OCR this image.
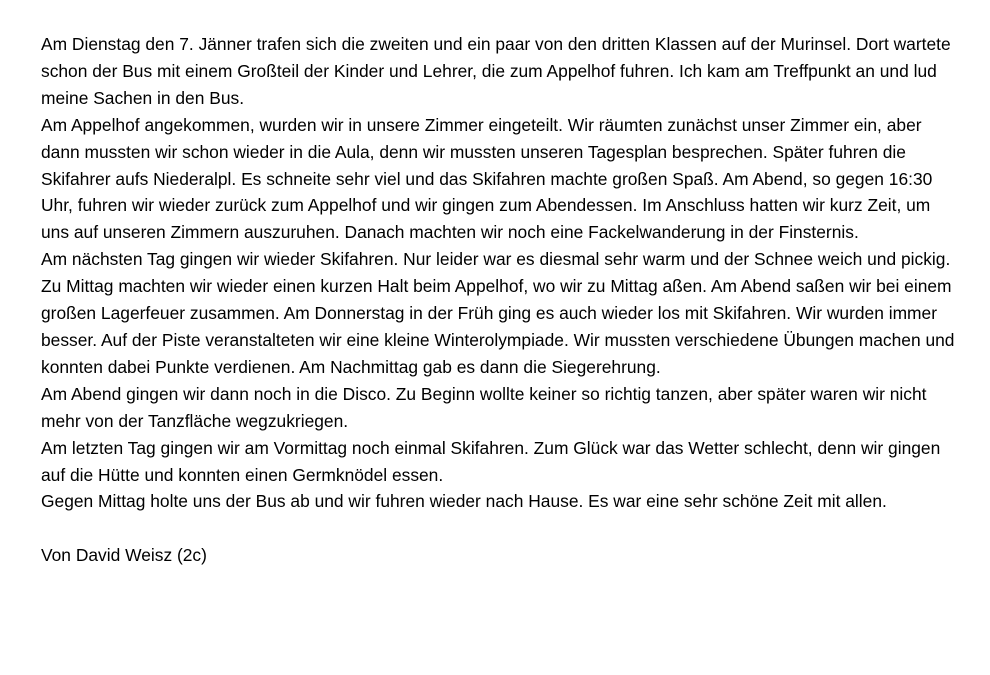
Am Dienstag den 7. Jänner trafen sich die zweiten und ein paar von den dritten Klassen auf der Murinsel. Dort wartete schon der Bus mit einem Großteil der Kinder und Lehrer, die zum Appelhof fuhren. Ich kam am Treffpunkt an und lud meine Sachen in den Bus.

Am Appelhof angekommen, wurden wir in unsere Zimmer eingeteilt. Wir räumten zunächst unser Zimmer ein, aber dann mussten wir schon wieder in die Aula, denn wir mussten unseren Tagesplan besprechen. Später fuhren die Skifahrer aufs Niederalpl. Es schneite sehr viel und das Skifahren machte großen Spaß. Am Abend, so gegen 16:30 Uhr, fuhren wir wieder zurück zum Appelhof und wir gingen zum Abendessen. Im Anschluss hatten wir kurz Zeit, um uns auf unseren Zimmern auszuruhen. Danach machten wir noch eine Fackelwanderung in der Finsternis.

Am nächsten Tag gingen wir wieder Skifahren. Nur leider war es diesmal sehr warm und der Schnee weich und pickig. Zu Mittag machten wir wieder einen kurzen Halt beim Appelhof, wo wir zu Mittag aßen. Am Abend saßen wir bei einem großen Lagerfeuer zusammen. Am Donnerstag in der Früh ging es auch wieder los mit Skifahren. Wir wurden immer besser. Auf der Piste veranstalteten wir eine kleine Winterolympiade. Wir mussten verschiedene Übungen machen und konnten dabei Punkte verdienen. Am Nachmittag gab es dann die Siegerehrung.

Am Abend gingen wir dann noch in die Disco. Zu Beginn wollte keiner so richtig tanzen, aber später waren wir nicht mehr von der Tanzfläche wegzukriegen.

Am letzten Tag gingen wir am Vormittag noch einmal Skifahren. Zum Glück war das Wetter schlecht, denn wir gingen auf die Hütte und konnten einen Germknödel essen.

Gegen Mittag holte uns der Bus ab und wir fuhren wieder nach Hause. Es war eine sehr schöne Zeit mit allen.

Von David Weisz (2c)
